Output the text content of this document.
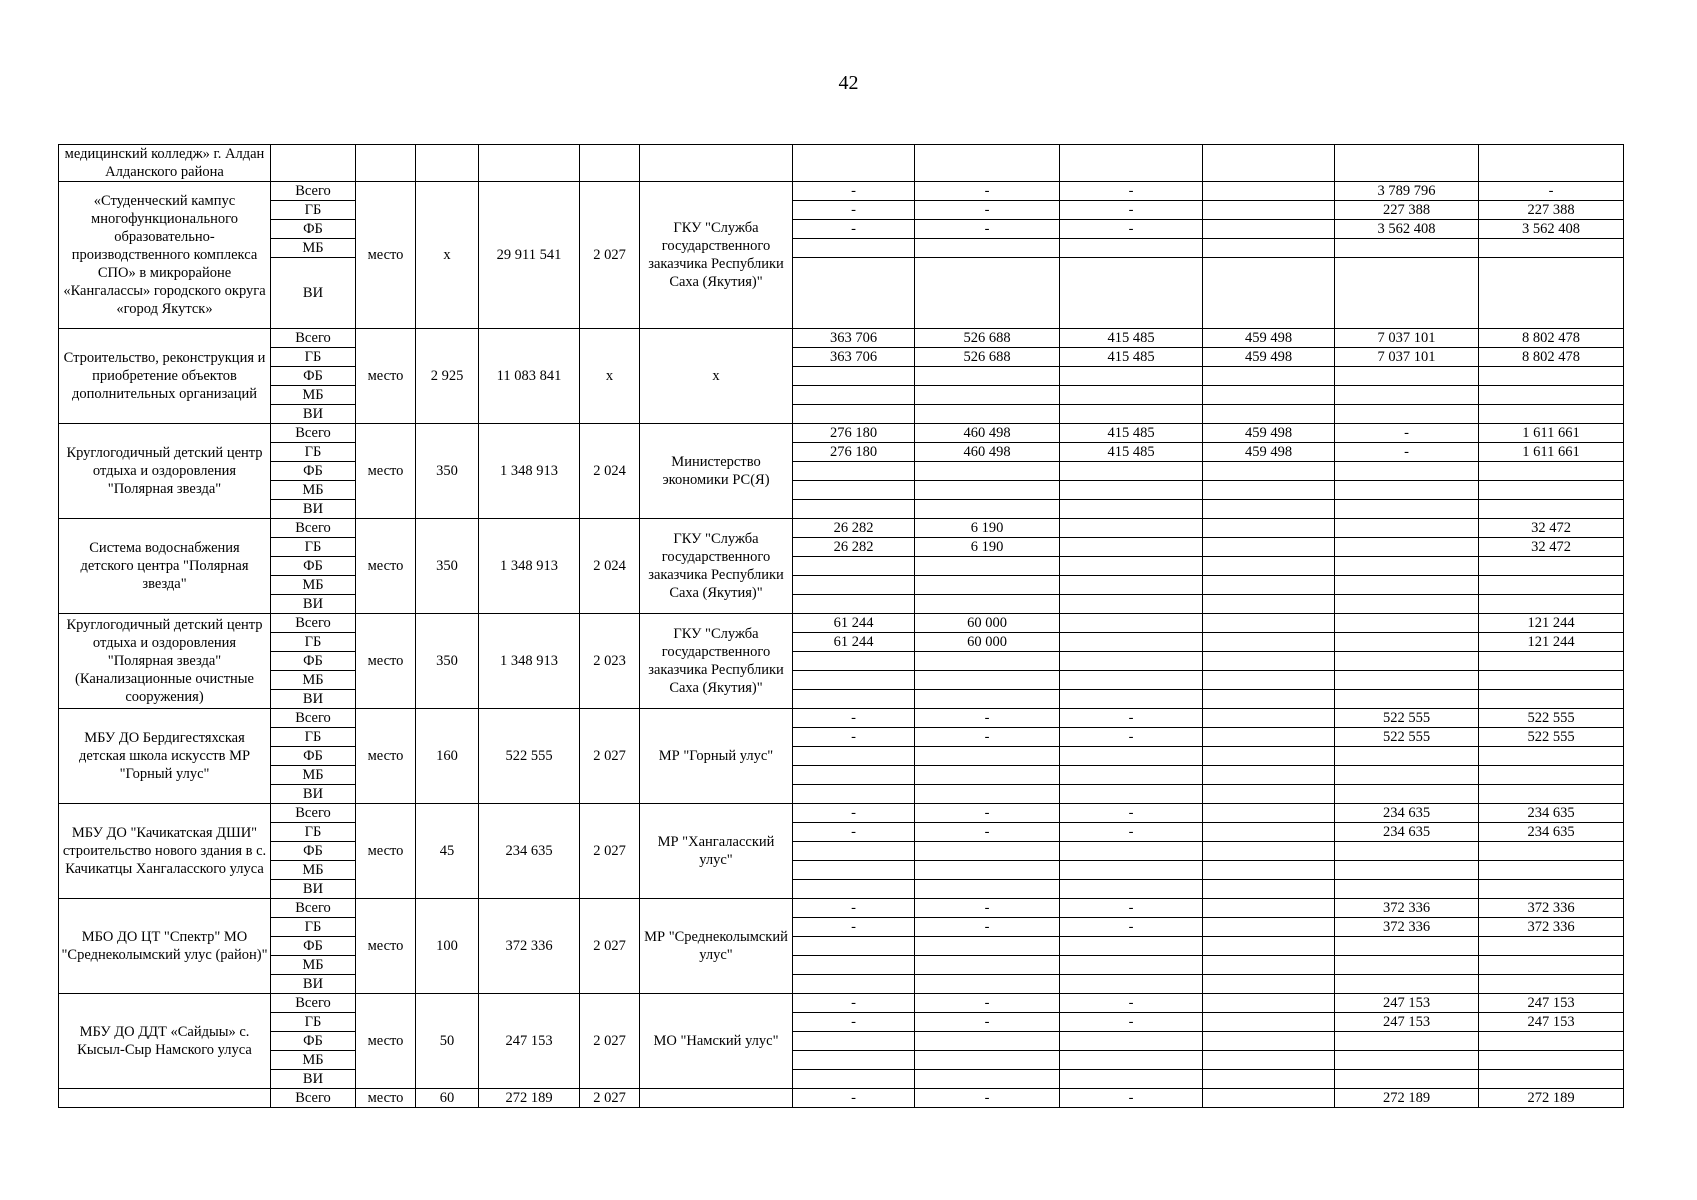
42
медицинский колледж» г. Алдан Алданского района												
«Студенческий кампус многофункционального образовательно-производственного комплекса СПО» в микрорайоне «Кангалассы» городского округа «город Якутск»	Всего	место	х	29 911 541	2 027	ГКУ "Служба государственного заказчика Республики Саха (Якутия)"	-	-	-		3 789 796	-
	ГБ						-	-	-		227 388	227 388
	ФБ						-	-	-		3 562 408	3 562 408
	МБ											
	ВИ											
Строительство, реконструкция и приобретение объектов дополнительных организаций	Всего	место	2 925	11 083 841	х	х	363 706	526 688	415 485	459 498	7 037 101	8 802 478
	ГБ						363 706	526 688	415 485	459 498	7 037 101	8 802 478
	ФБ											
	МБ											
	ВИ											
Круглогодичный детский центр отдыха и оздоровления "Полярная звезда"	Всего	место	350	1 348 913	2 024	Министерство экономики РС(Я)	276 180	460 498	415 485	459 498	-	1 611 661
	ГБ						276 180	460 498	415 485	459 498	-	1 611 661
	ФБ											
	МБ											
	ВИ											
Система водоснабжения детского центра "Полярная звезда"	Всего	место	350	1 348 913	2 024	ГКУ "Служба государственного заказчика Республики Саха (Якутия)"	26 282	6 190				32 472
	ГБ						26 282	6 190				32 472
	ФБ											
	МБ											
	ВИ											
Круглогодичный детский центр отдыха и оздоровления "Полярная звезда" (Канализационные очистные сооружения)	Всего	место	350	1 348 913	2 023	ГКУ "Служба государственного заказчика Республики Саха (Якутия)"	61 244	60 000				121 244
	ГБ						61 244	60 000				121 244
	ФБ											
	МБ											
	ВИ											
МБУ ДО Бердигестяхская детская школа искусств МР "Горный улус"	Всего	место	160	522 555	2 027	МР "Горный улус"	-	-	-		522 555	522 555
	ГБ						-	-	-		522 555	522 555
	ФБ											
	МБ											
	ВИ											
МБУ ДО "Качикатская ДШИ" строительство нового здания в с. Качикатцы Хангаласского улуса	Всего	место	45	234 635	2 027	МР "Хангаласский улус"	-	-	-		234 635	234 635
	ГБ						-	-	-		234 635	234 635
	ФБ											
	МБ											
	ВИ											
МБО ДО ЦТ "Спектр" МО "Среднеколымский улус (район)"	Всего	место	100	372 336	2 027	МР "Среднеколымский улус"	-	-	-		372 336	372 336
	ГБ						-	-	-		372 336	372 336
	ФБ											
	МБ											
	ВИ											
МБУ ДО ДДТ «Сайдыы» с. Кысыл-Сыр Намского улуса	Всего	место	50	247 153	2 027	МО "Намский улус"	-	-	-		247 153	247 153
	ГБ						-	-	-		247 153	247 153
	ФБ											
	МБ											
	ВИ											
	Всего	место	60	272 189	2 027		-	-	-		272 189	272 189
